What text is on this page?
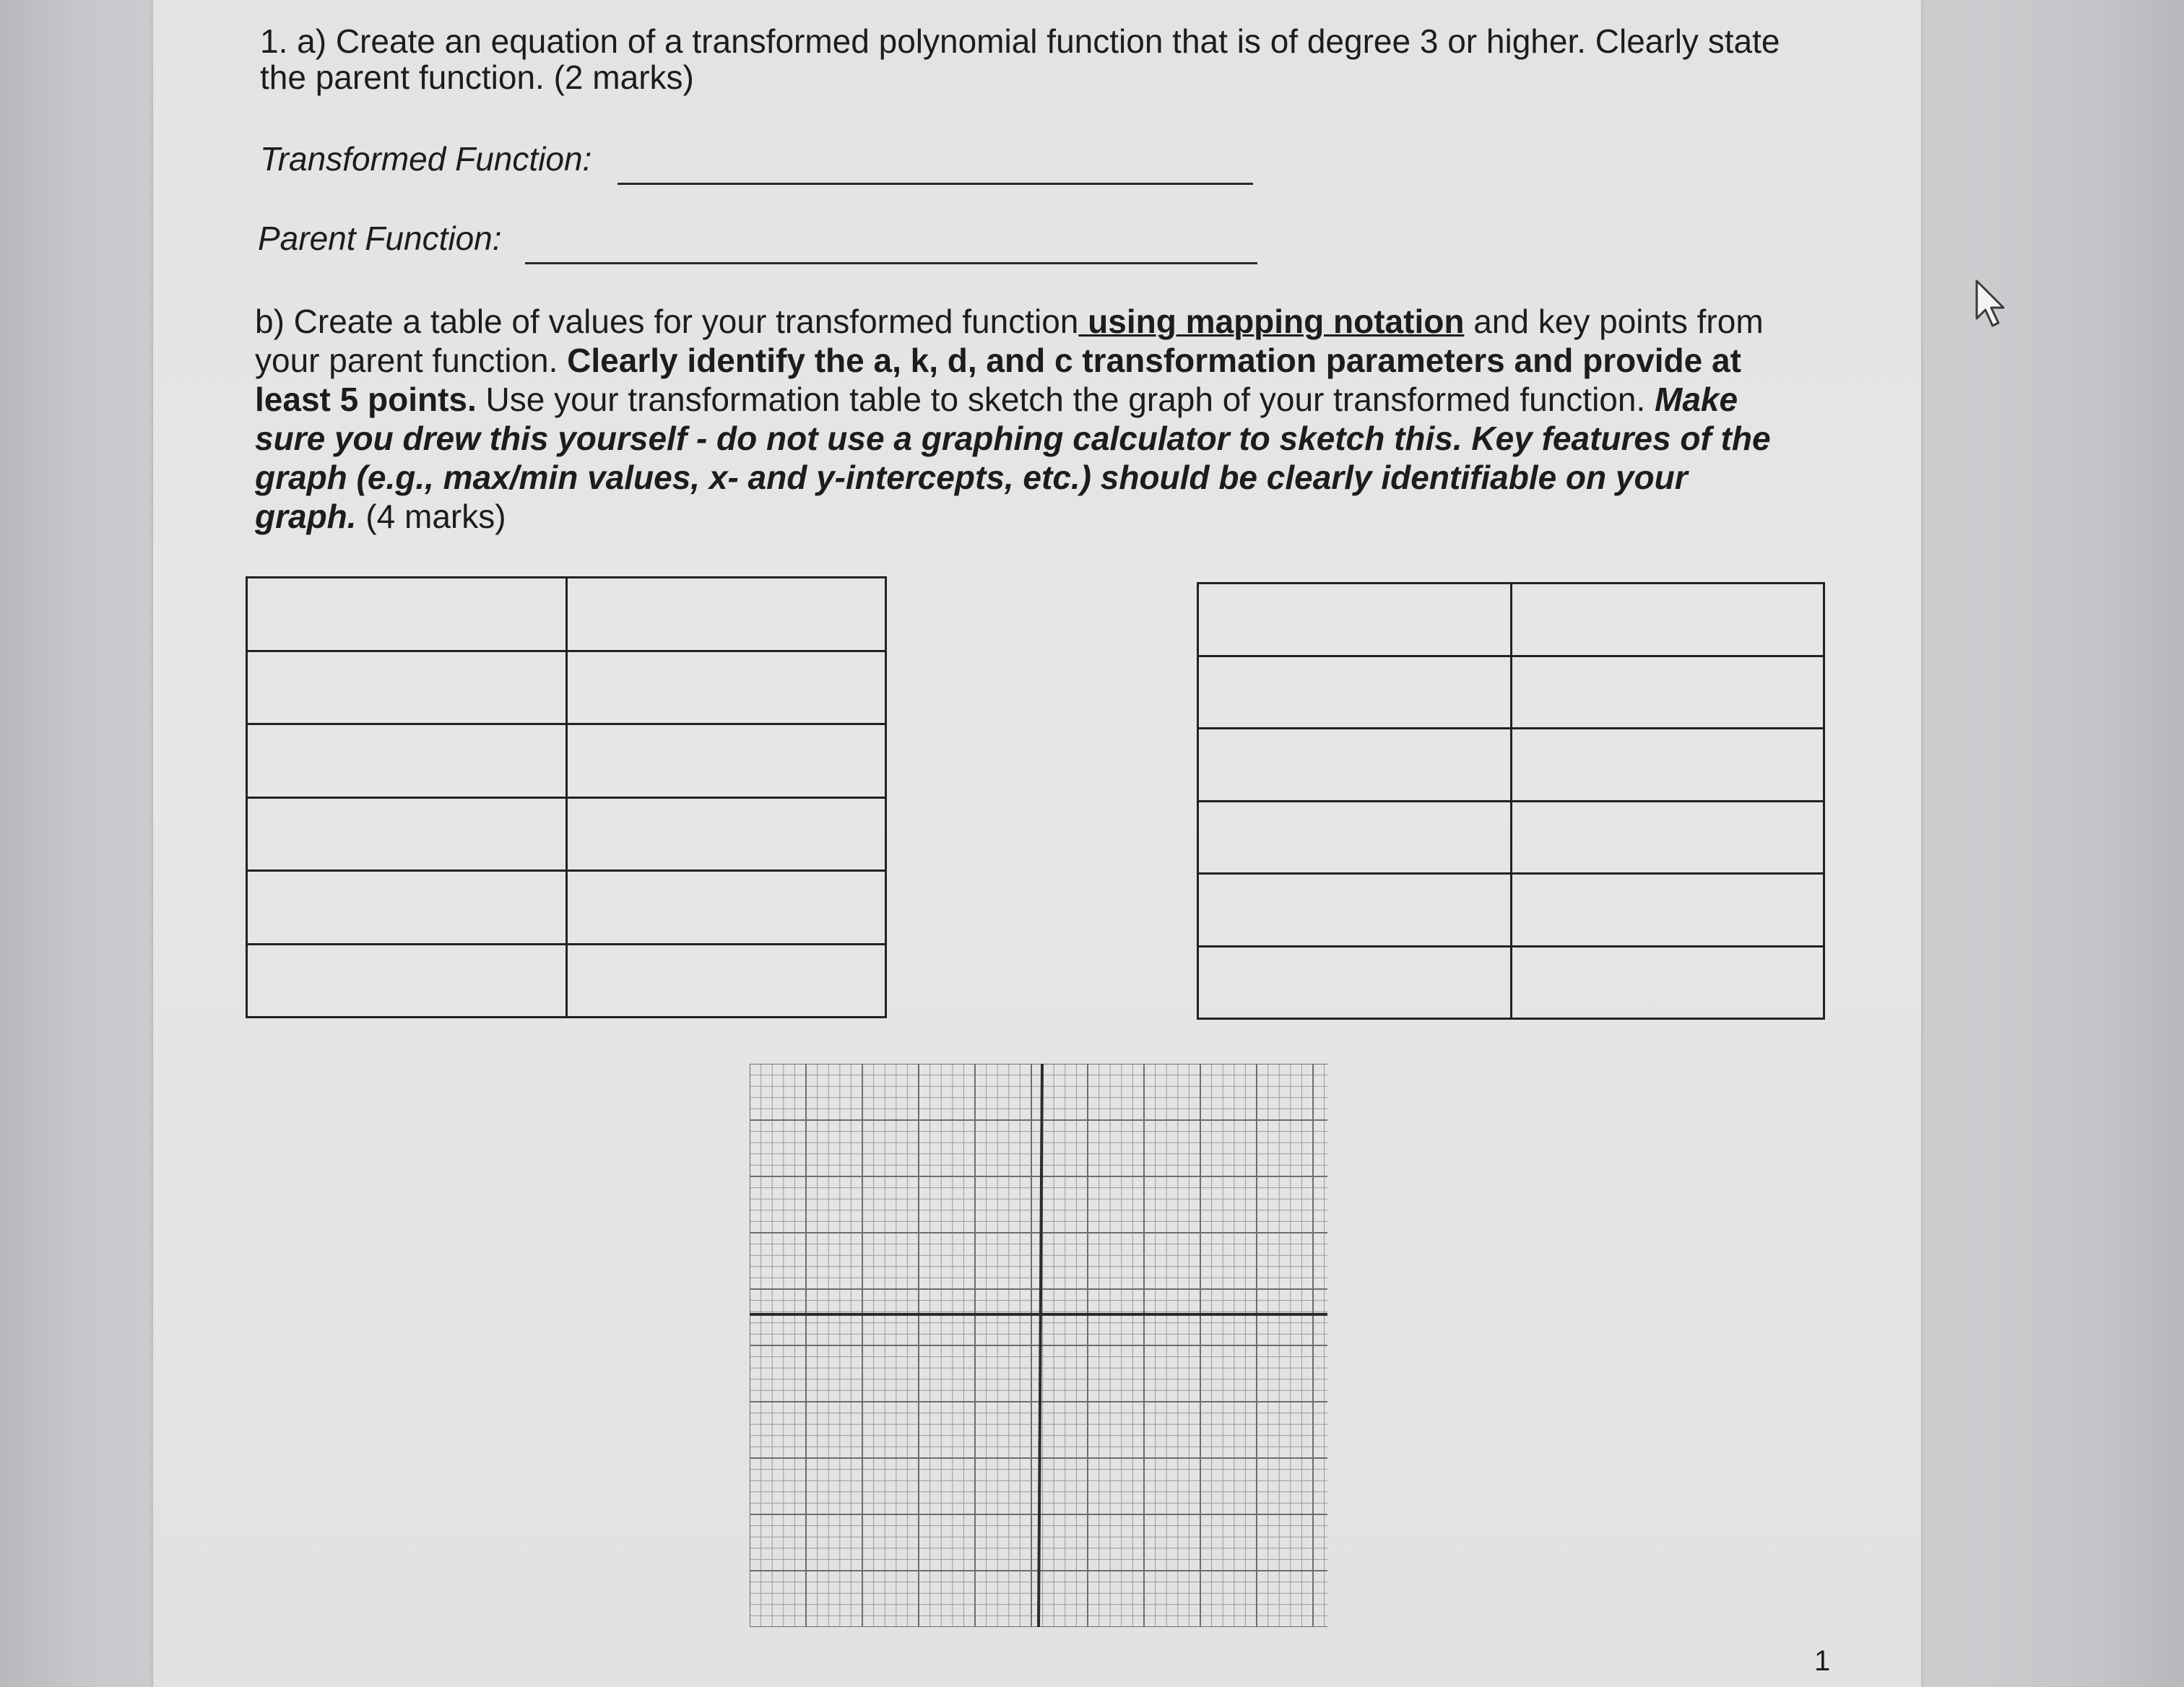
1. a) Create an equation of a transformed polynomial function that is of degree 3 or higher. Clearly state the parent function. (2 marks)

Transformed Function:
Parent Function:

b) Create a table of values for your transformed function using mapping notation and key points from your parent function. Clearly identify the a, k, d, and c transformation parameters and provide at least 5 points. Use your transformation table to sketch the graph of your transformed function. Make sure you drew this yourself - do not use a graphing calculator to sketch this. Key features of the graph (e.g., max/min values, x- and y-intercepts, etc.) should be clearly identifiable on your graph. (4 marks)

1
